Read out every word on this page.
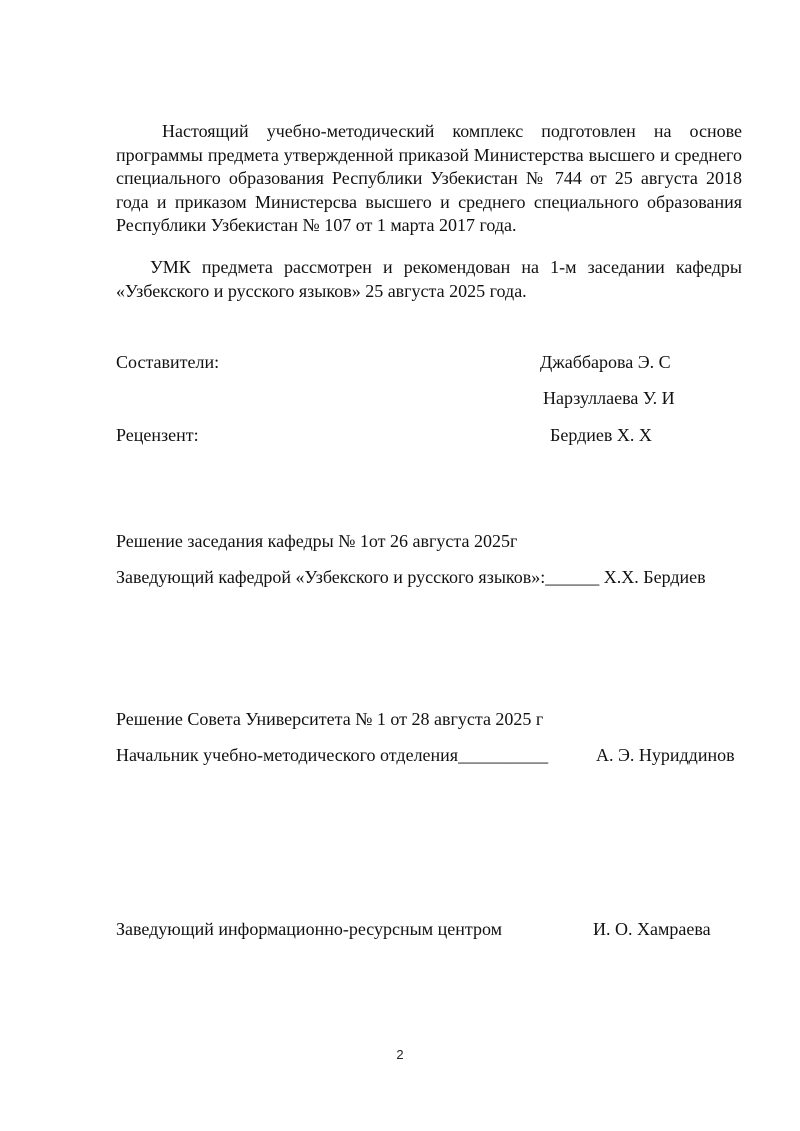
Настоящий учебно-методический комплекс подготовлен на основе программы предмета утвержденной приказой Министерства высшего и среднего специального образования Республики Узбекистан № 744 от 25 августа 2018 года и приказом Министерсва высшего и среднего специального образования Республики Узбекистан № 107 от 1 марта 2017 года.

УМК предмета рассмотрен и рекомендован на 1-м заседании кафедры «Узбекского и русского языков» 25 августа 2025 года.

Составители:	Джаббарова Э. С
Нарзуллаева У. И
Рецензент:	Бердиев Х. Х
Решение заседания кафедры № 1от 26 августа 2025г
Заведующий кафедрой «Узбекского и русского языков»:______ Х.Х. Бердиев
Решение Совета Университета № 1 от 28 августа 2025 г
Начальник учебно-методического отделения__________	А. Э. Нуриддинов
Заведующий информационно-ресурсным центром	И. О. Хамраева
2
